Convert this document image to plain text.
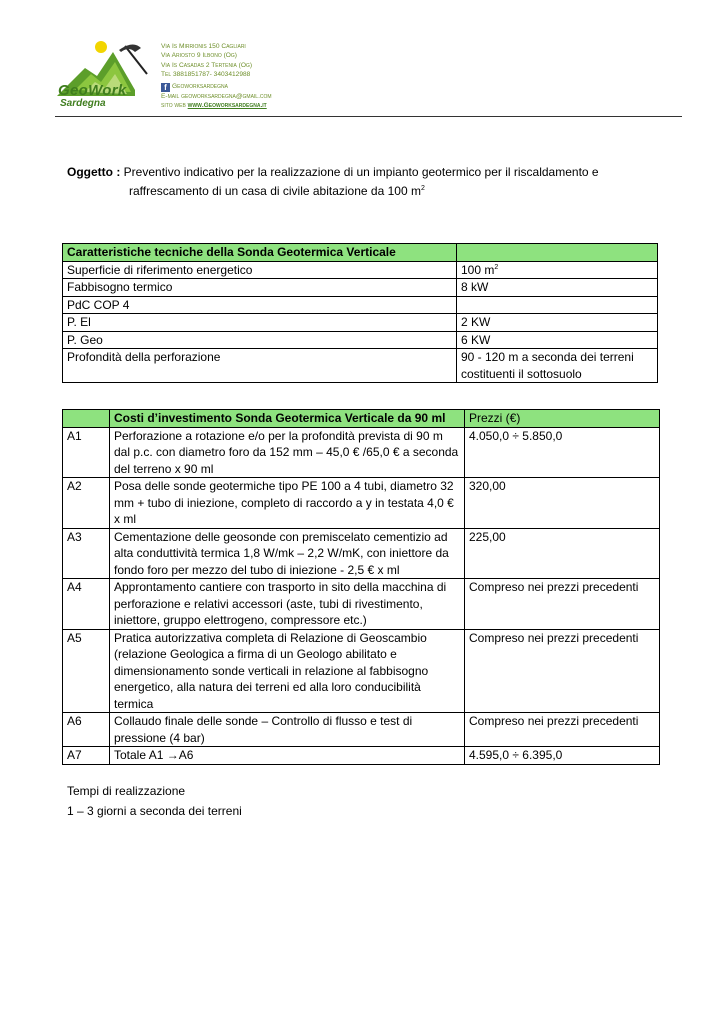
GeoWork
Sardegna
Via Is Mirrionis 150 Cagliari
Via Ariosto 9 Ilbono (Og)
Via Is Casadas 2 Tertenia (Og)
Tel 3881851787- 3403412988
f Geoworksardegna
E-mail geoworksardegna@gmail.com
sito web www.Geoworksardegna.it
Oggetto : Preventivo indicativo per la realizzazione di un impianto geotermico per il riscaldamento e
raffrescamento di un casa di civile abitazione da 100 $m^2$
Caratteristiche tecniche della Sonda Geotermica Verticale	
Superficie di riferimento energetico	100 $m^2$
Fabbisogno termico	8 kW
PdC COP 4	
P. El	2 KW
P. Geo	6 KW
Profondità della perforazione	90 - 120 m a seconda dei terreni costituenti il sottosuolo
	Costi d’investimento Sonda Geotermica Verticale da 90 ml	Prezzi (€)
A1	Perforazione a rotazione e/o per la profondità prevista di 90 m dal p.c. con diametro foro da 152 mm – 45,0 € /65,0 € a seconda del terreno x 90 ml	4.050,0 ÷ 5.850,0
A2	Posa delle sonde geotermiche tipo PE 100 a 4 tubi, diametro 32 mm + tubo di iniezione, completo di raccordo a y in testata 4,0 € x ml	320,00
A3	Cementazione delle geosonde con premiscelato cementizio ad alta conduttività termica 1,8 W/mk – 2,2 W/mK, con iniettore da fondo foro per mezzo del tubo di iniezione - 2,5 € x ml	225,00
A4	Approntamento cantiere con trasporto in sito della macchina di perforazione e relativi accessori (aste, tubi di rivestimento, iniettore, gruppo elettrogeno, compressore etc.)	Compreso nei prezzi precedenti
A5	Pratica autorizzativa completa di Relazione di Geoscambio (relazione Geologica a firma di un Geologo abilitato e dimensionamento sonde verticali in relazione al fabbisogno energetico, alla natura dei terreni ed alla loro conducibilità termica	Compreso nei prezzi precedenti
A6	Collaudo finale delle sonde – Controllo di flusso e test di pressione (4 bar)	Compreso nei prezzi precedenti
A7	Totale A1 →A6	4.595,0 ÷ 6.395,0
Tempi di realizzazione
1 – 3 giorni a seconda dei terreni
